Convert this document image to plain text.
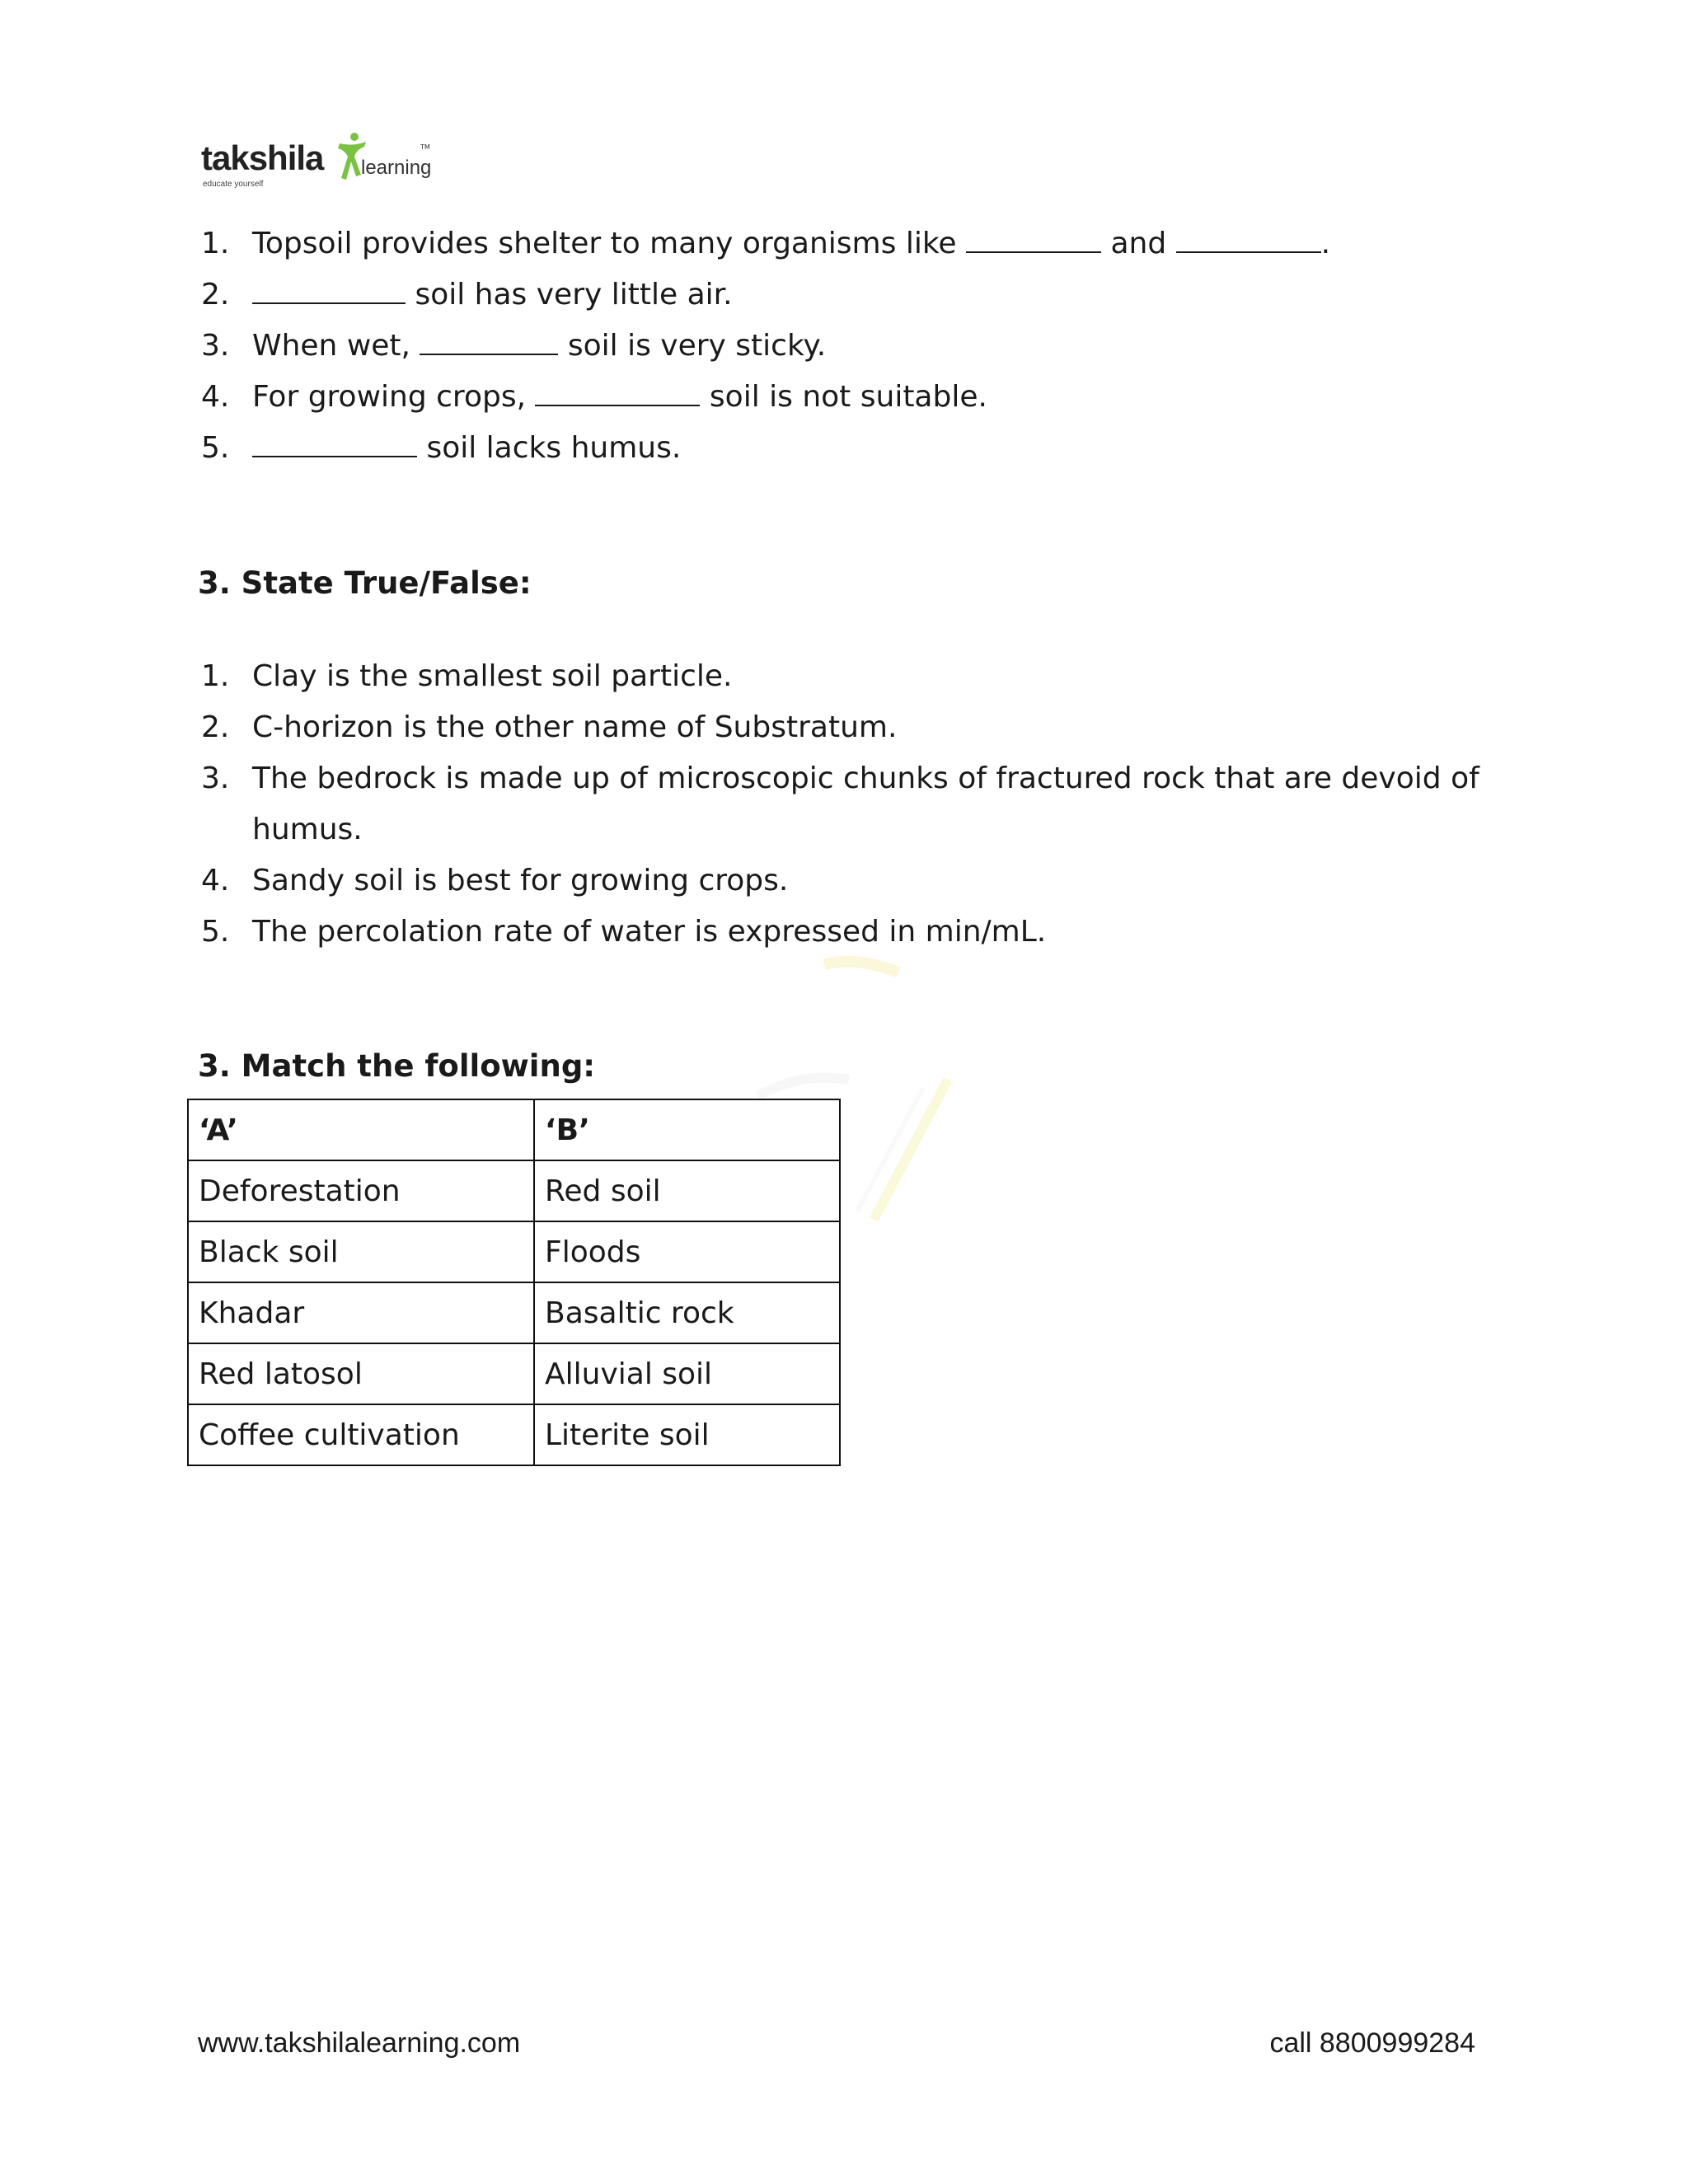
takshila learning
TM
educate yourself
1. Topsoil provides shelter to many organisms like	and	.
2.	soil has very little air.
3. When wet,	soil is very sticky.
4. For growing crops,	soil is not suitable.
5.	soil lacks humus.
3. State True/False:
1. Clay is the smallest soil particle.
2. C-horizon is the other name of Substratum.
3. The bedrock is made up of microscopic chunks of fractured rock that are devoid of humus.
4. Sandy soil is best for growing crops.
5. The percolation rate of water is expressed in min/mL.
3. Match the following:
‘A’	‘B’
Deforestation	Red soil
Black soil	Floods
Khadar	Basaltic rock
Red latosol	Alluvial soil
Coffee cultivation	Literite soil
www.takshilalearning.com	call 8800999284
